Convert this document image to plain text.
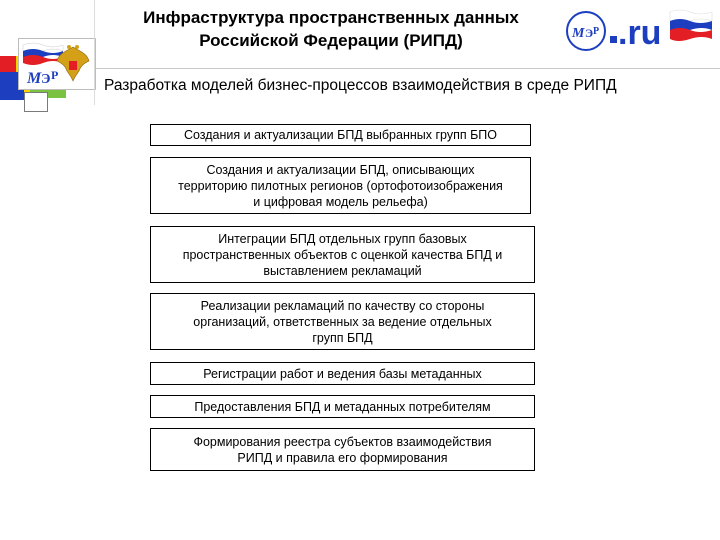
M Э Р
Инфраструктура пространственных данных
Российской Федерации (РИПД)	M Э Р .ru
Разработка моделей бизнес-процессов взаимодействия в среде РИПД
Создания и актуализации БПД выбранных групп БПО
Создания и актуализации БПД, описывающих
территорию пилотных регионов (ортофотоизображения
и цифровая модель рельефа)
Интеграции БПД отдельных групп базовых
пространственных объектов с оценкой качества БПД и
выставлением рекламаций
Реализации рекламаций по качеству со стороны
организаций, ответственных за ведение отдельных
групп БПД
Регистрации работ и ведения базы метаданных
Предоставления БПД и метаданных потребителям
Формирования реестра субъектов взаимодействия
РИПД и правила его формирования
